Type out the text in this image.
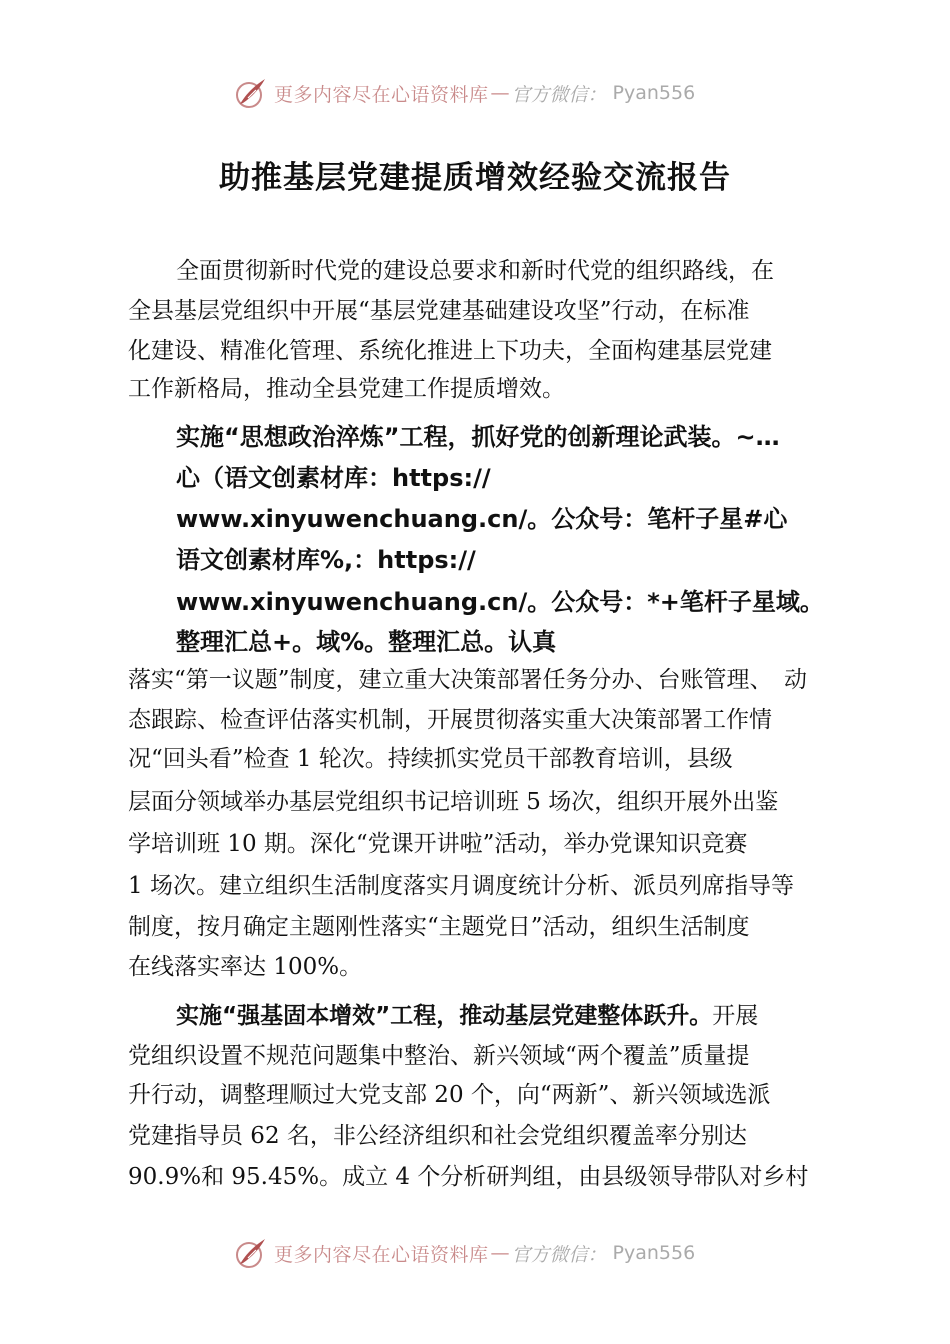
更多内容尽在心语资料库 — 官方微信： Pyan556
助推基层党建提质增效经验交流报告
全面贯彻新时代党的建设总要求和新时代党的组织路线，在
全县基层党组织中开展“基层党建基础建设攻坚”行动，在标准
化建设、精准化管理、系统化推进上下功夫，全面构建基层党建
工作新格局，推动全县党建工作提质增效。
实施“思想政治淬炼”工程，抓好党的创新理论武装。~…
心（语文创素材库：https://
www.xinyuwenchuang.cn/。公众号：笔杆子星#心
语文创素材库%,：https://
www.xinyuwenchuang.cn/。公众号：*+笔杆子星域。
整理汇总+。域%。整理汇总。认真
落实“第一议题”制度，建立重大决策部署任务分办、台账管理、　动
态跟踪、检查评估落实机制，开展贯彻落实重大决策部署工作情
况“回头看”检查 1 轮次。持续抓实党员干部教育培训，县级
层面分领域举办基层党组织书记培训班 5 场次，组织开展外出鉴
学培训班 10 期。深化“党课开讲啦”活动，举办党课知识竞赛
1 场次。建立组织生活制度落实月调度统计分析、派员列席指导等
制度，按月确定主题刚性落实“主题党日”活动，组织生活制度
在线落实率达 100%。
实施“强基固本增效”工程，推动基层党建整体跃升。开展
党组织设置不规范问题集中整治、新兴领域“两个覆盖”质量提
升行动，调整理顺过大党支部 20 个，向“两新”、新兴领域选派
党建指导员 62 名，非公经济组织和社会党组织覆盖率分别达
90.9%和 95.45%。成立 4 个分析研判组，由县级领导带队对乡村
更多内容尽在心语资料库 — 官方微信： Pyan556
